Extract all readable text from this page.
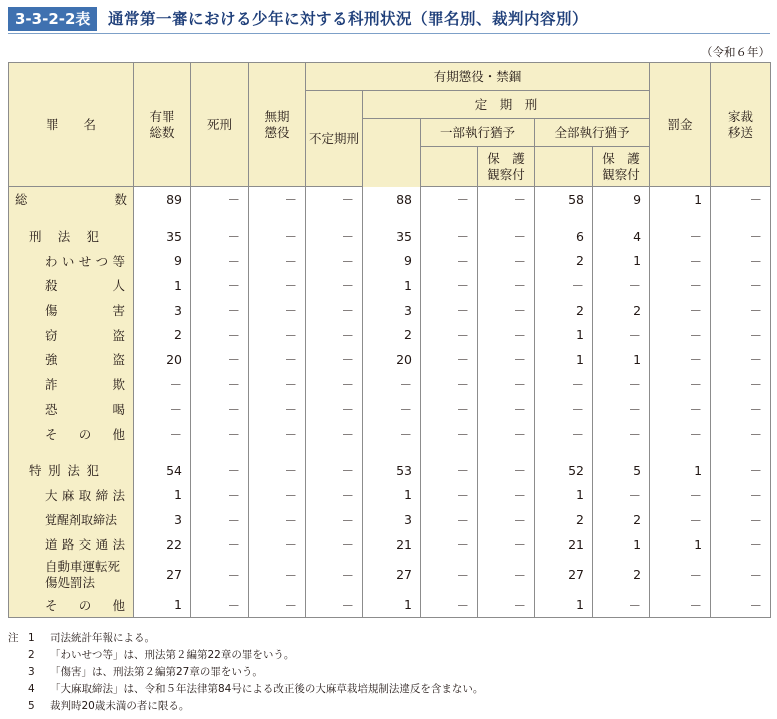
3-3-2-2表	通常第一審における少年に対する科刑状況（罪名別、裁判内容別）
（令和６年）
罪　　名	有罪総数	死刑	無期懲役	有期懲役・禁錮						罰金	家裁移送
				不定期刑	定　期　刑						
						一部執行猶予		全部執行猶予			
							保　護観察付		保　護観察付		
総　　数	89	－	－	－	88	－	－	58	9	1	－

刑法犯	35	－	－	－	35	－	－	6	4	－	－
わいせつ等	9	－	－	－	9	－	－	2	1	－	－
殺人	1	－	－	－	1	－	－	－	－	－	－
傷害	3	－	－	－	3	－	－	2	2	－	－
窃盗	2	－	－	－	2	－	－	1	－	－	－
強盗	20	－	－	－	20	－	－	1	1	－	－
詐欺	－	－	－	－	－	－	－	－	－	－	－
恐喝	－	－	－	－	－	－	－	－	－	－	－
その他	－	－	－	－	－	－	－	－	－	－	－

特別法犯	54	－	－	－	53	－	－	52	5	1	－
大麻取締法	1	－	－	－	1	－	－	1	－	－	－
覚醒剤取締法	3	－	－	－	3	－	－	2	2	－	－
道路交通法	22	－	－	－	21	－	－	21	1	1	－
自動車運転死傷処罰法	27	－	－	－	27	－	－	27	2	－	－
その他	1	－	－	－	1	－	－	1	－	－	－
注 1	司法統計年報による。
2	「わいせつ等」は、刑法第２編第22章の罪をいう。
3	「傷害」は、刑法第２編第27章の罪をいう。
4	「大麻取締法」は、令和５年法律第84号による改正後の大麻草栽培規制法違反を含まない。
5	裁判時20歳未満の者に限る。
